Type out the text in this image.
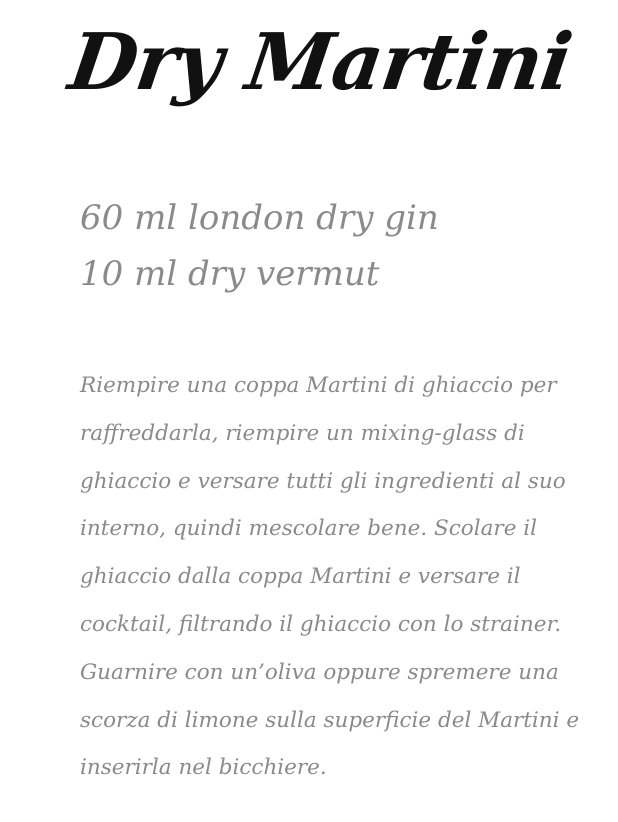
Dry Martini
60 ml london dry gin
10 ml dry vermut

Riempire una coppa Martini di ghiaccio per raffreddarla, riempire un mixing-glass di ghiaccio e versare tutti gli ingredienti al suo interno, quindi mescolare bene. Scolare il ghiaccio dalla coppa Martini e versare il cocktail, filtrando il ghiaccio con lo strainer. Guarnire con un’oliva oppure spremere una scorza di limone sulla superficie del Martini e inserirla nel bicchiere.
